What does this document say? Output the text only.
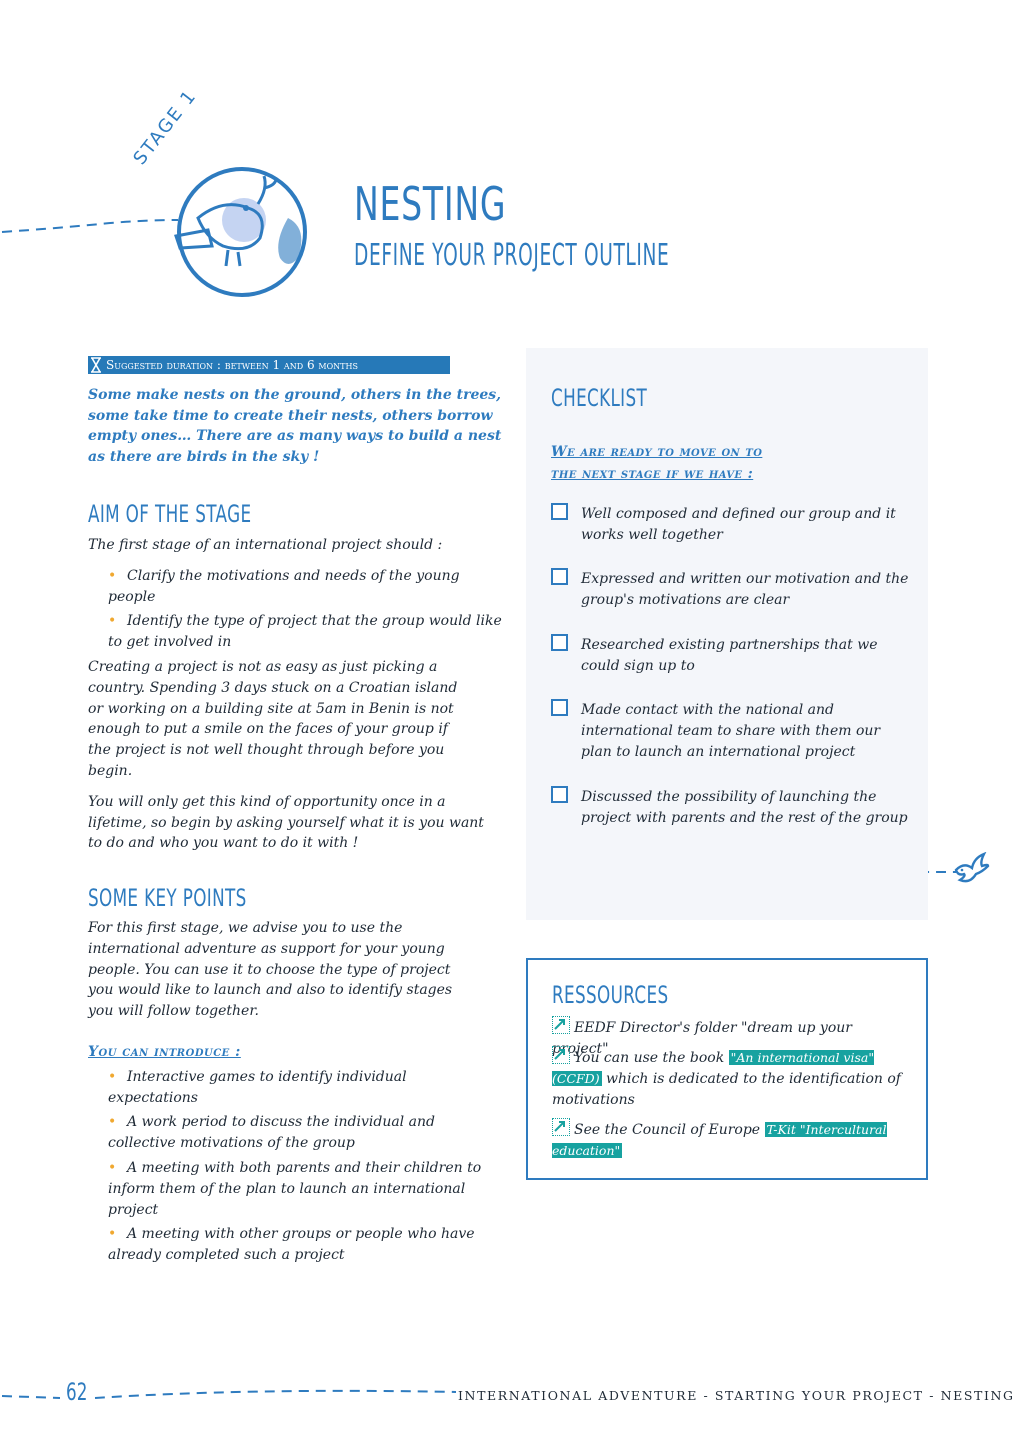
STAGE 1
NESTING
DEFINE YOUR PROJECT OUTLINE
Suggested duration : between 1 and 6 months
Some make nests on the ground, others in the trees, some take time to create their nests, others borrow empty ones… There are as many ways to build a nest as there are birds in the sky !
AIM OF THE STAGE
The first stage of an international project should :
• Clarify the motivations and needs of the young people
• Identify the type of project that the group would like to get involved in
Creating a project is not as easy as just picking a country. Spending 3 days stuck on a Croatian island or working on a building site at 5am in Benin is not enough to put a smile on the faces of your group if the project is not well thought through before you begin.
You will only get this kind of opportunity once in a lifetime, so begin by asking yourself what it is you want to do and who you want to do it with !
SOME KEY POINTS
For this first stage, we advise you to use the international adventure as support for your young people. You can use it to choose the type of project you would like to launch and also to identify stages you will follow together.
You can introduce :
• Interactive games to identify individual expectations
• A work period to discuss the individual and collective motivations of the group
• A meeting with both parents and their children to inform them of the plan to launch an international project
• A meeting with other groups or people who have already completed such a project
CHECKLIST
We are ready to move on to
the next stage if we have :
Well composed and defined our group and it works well together
Expressed and written our motivation and the group's motivations are clear
Researched existing partnerships that we could sign up to
Made contact with the national and international team to share with them our plan to launch an international project
Discussed the possibility of launching the project with parents and the rest of the group
RESSOURCES
EEDF Director's folder "dream up your project"
You can use the book "An international visa" (CCFD) which is dedicated to the identification of motivations
See the Council of Europe T-Kit "Intercultural education"
62	INTERNATIONAL ADVENTURE - STARTING YOUR PROJECT - NESTING
